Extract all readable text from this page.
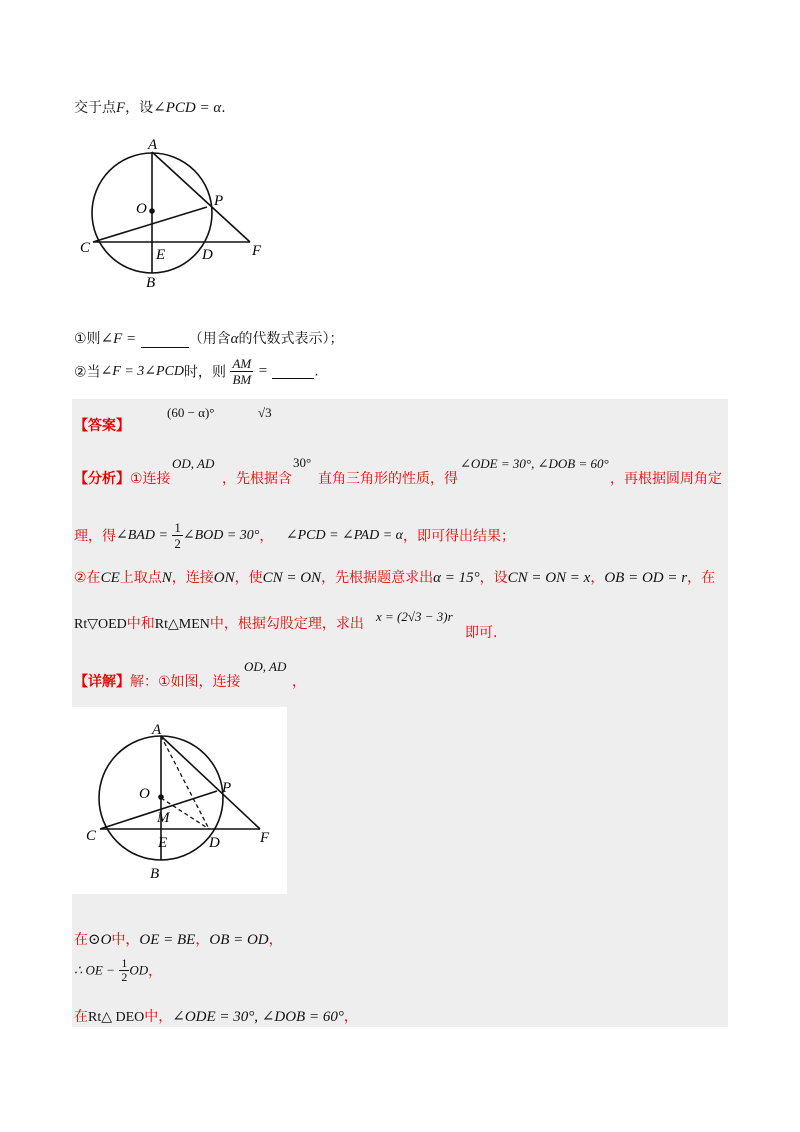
交于点F，设∠PCD = α.
A
O	P
C	E D	F
B
①则∠F =	（用含α的代数式表示）；
②当∠F = 3∠PCD时，则 $\frac{AM}{BM}$ =	.
【答案】
(60 − α)°	√3
【分析】 ①连接
OD, AD
，先根据含
30°
直角三角形的性质，得
∠ODE = 30°, ∠DOB = 60°
，再根据圆周角定
理，得∠BAD = $\frac{1}{2}$ ∠BOD = 30°， ∠PCD = ∠PAD = α，即可得出结果；
②在CE上取点N，连接ON，使CN = ON，先根据题意求出α = 15°，设CN = ON = x，OB = OD = r，在
Rt▽OED中和Rt△MEN中，根据勾股定理，求出 x = (2√3 − 3)r
即可.
【详解】 解：①如图，连接
OD, AD
，
A
O	P
M
C	E	D	F
B
在⊙O中，OE = BE，OB = OD，
∴ OE − $\frac{1}{2}$ OD，
在Rt△ DEO中，∠ODE = 30°, ∠DOB = 60°，
